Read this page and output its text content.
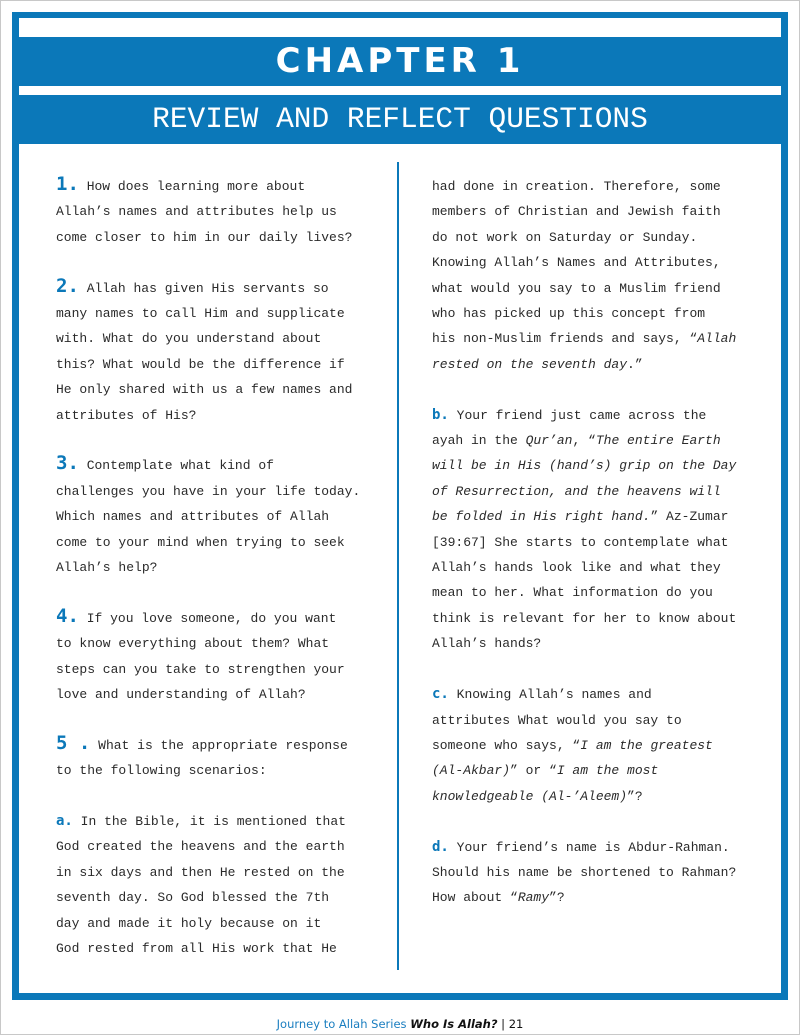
CHAPTER 1
REVIEW AND REFLECT QUESTIONS

1. How does learning more about
Allah’s names and attributes help us
come closer to him in our daily lives?

2. Allah has given His servants so
many names to call Him and supplicate
with. What do you understand about
this? What would be the difference if
He only shared with us a few names and
attributes of His?

3. Contemplate what kind of
challenges you have in your life today.
Which names and attributes of Allah
come to your mind when trying to seek
Allah’s help?

4. If you love someone, do you want
to know everything about them? What
steps can you take to strengthen your
love and understanding of Allah?

5 . What is the appropriate response
to the following scenarios:

a. In the Bible, it is mentioned that
God created the heavens and the earth
in six days and then He rested on the
seventh day. So God blessed the 7th
day and made it holy because on it
God rested from all His work that He

had done in creation. Therefore, some
members of Christian and Jewish faith
do not work on Saturday or Sunday.
Knowing Allah’s Names and Attributes,
what would you say to a Muslim friend
who has picked up this concept from
his non-Muslim friends and says, “Allah
rested on the seventh day.”

b. Your friend just came across the
ayah in the Qur’an, “The entire Earth
will be in His (hand’s) grip on the Day
of Resurrection, and the heavens will
be folded in His right hand.” Az-Zumar
[39:67] She starts to contemplate what
Allah’s hands look like and what they
mean to her. What information do you
think is relevant for her to know about
Allah’s hands?

c. Knowing Allah’s names and
attributes What would you say to
someone who says, “I am the greatest
(Al-Akbar)” or “I am the most
knowledgeable (Al-’Aleem)”?

d. Your friend’s name is Abdur-Rahman.
Should his name be shortened to Rahman?
How about “Ramy”?

Journey to Allah Series Who Is Allah? | 21
